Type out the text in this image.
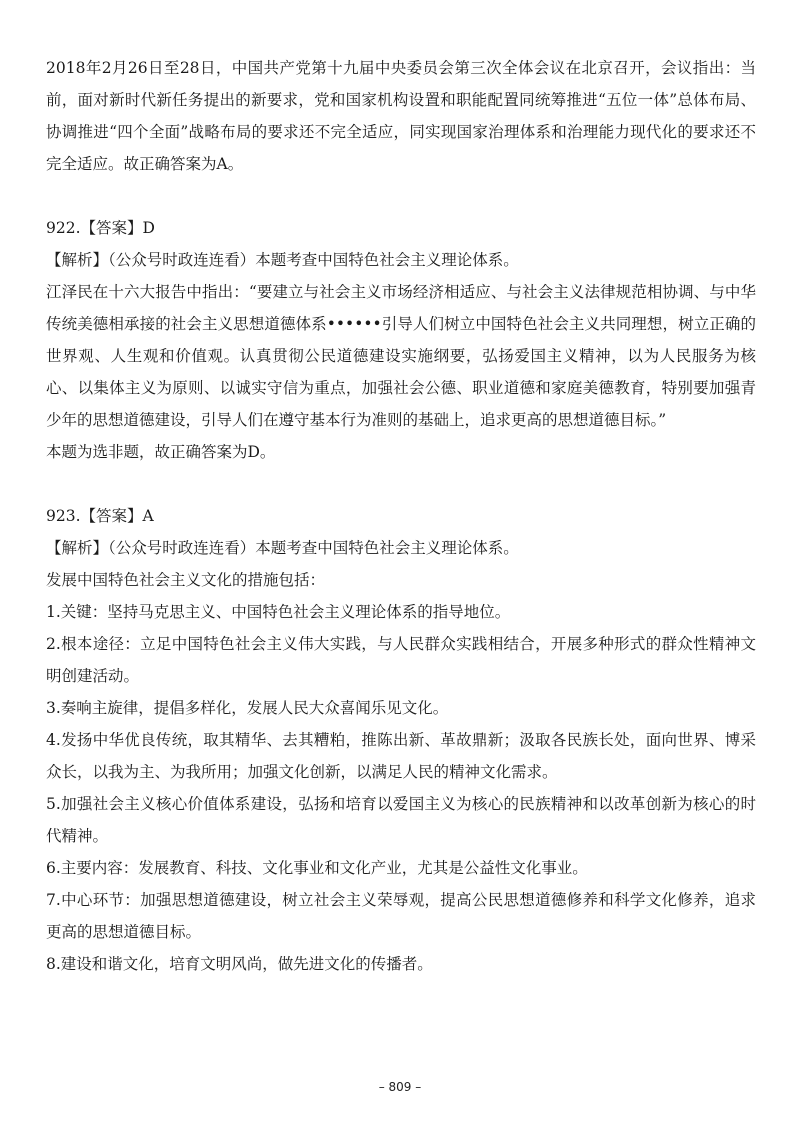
2018年2月26日至28日，中国共产党第十九届中央委员会第三次全体会议在北京召开，会议指出：当前，面对新时代新任务提出的新要求，党和国家机构设置和职能配置同统筹推进“五位一体”总体布局、协调推进“四个全面”战略布局的要求还不完全适应，同实现国家治理体系和治理能力现代化的要求还不完全适应。故正确答案为A。

922.【答案】D

【解析】（公众号时政连连看）本题考查中国特色社会主义理论体系。

江泽民在十六大报告中指出：“要建立与社会主义市场经济相适应、与社会主义法律规范相协调、与中华传统美德相承接的社会主义思想道德体系••••••引导人们树立中国特色社会主义共同理想，树立正确的世界观、人生观和价值观。认真贯彻公民道德建设实施纲要，弘扬爱国主义精神，以为人民服务为核心、以集体主义为原则、以诚实守信为重点，加强社会公德、职业道德和家庭美德教育，特别要加强青少年的思想道德建设，引导人们在遵守基本行为准则的基础上，追求更高的思想道德目标。”

本题为选非题，故正确答案为D。

923.【答案】A

【解析】（公众号时政连连看）本题考查中国特色社会主义理论体系。

发展中国特色社会主义文化的措施包括：

1.关键：坚持马克思主义、中国特色社会主义理论体系的指导地位。

2.根本途径：立足中国特色社会主义伟大实践，与人民群众实践相结合，开展多种形式的群众性精神文明创建活动。

3.奏响主旋律，提倡多样化，发展人民大众喜闻乐见文化。

4.发扬中华优良传统，取其精华、去其糟粕，推陈出新、革故鼎新；汲取各民族长处，面向世界、博采众长，以我为主、为我所用；加强文化创新，以满足人民的精神文化需求。

5.加强社会主义核心价值体系建设，弘扬和培育以爱国主义为核心的民族精神和以改革创新为核心的时代精神。

6.主要内容：发展教育、科技、文化事业和文化产业，尤其是公益性文化事业。

7.中心环节：加强思想道德建设，树立社会主义荣辱观，提高公民思想道德修养和科学文化修养，追求更高的思想道德目标。

8.建设和谐文化，培育文明风尚，做先进文化的传播者。

– 809 –
